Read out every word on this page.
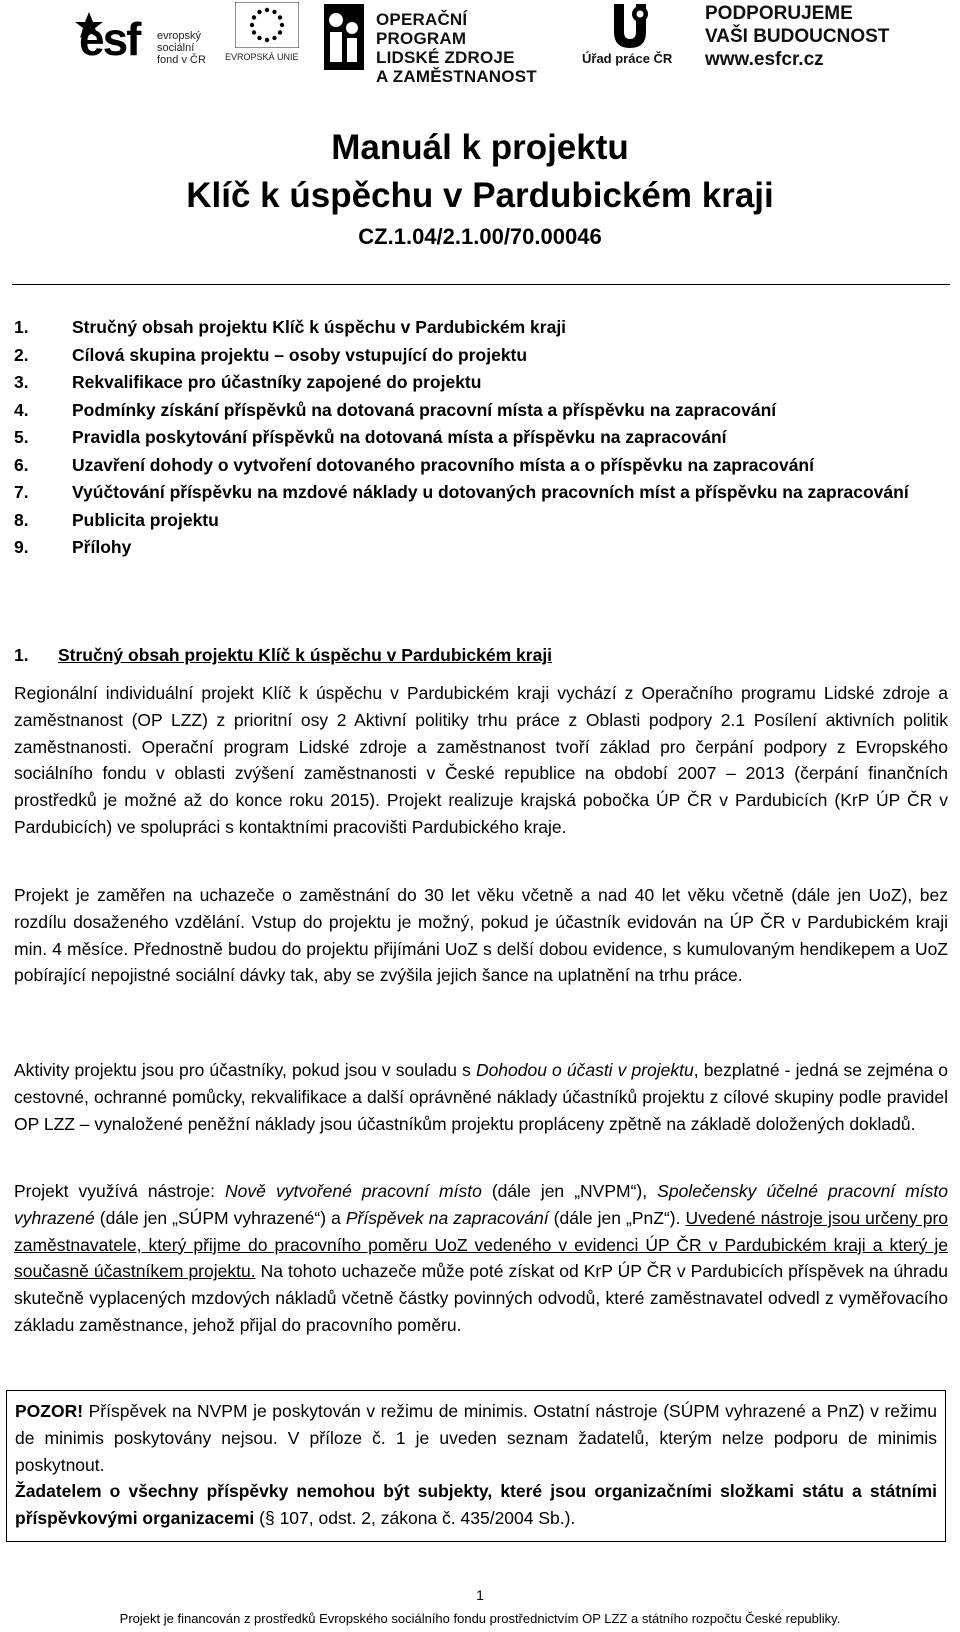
esf evropský
sociální
fond v ČR EVROPSKÁ UNIE
OPERAČNÍ PROGRAM
LIDSKÉ ZDROJE
A ZAMĚSTNANOST
Úřad práce ČR
PODPORUJEME
VAŠI BUDOUCNOST
www.esfcr.cz
Manuál k projektu
Klíč k úspěchu v Pardubickém kraji
CZ.1.04/2.1.00/70.00046
1. Stručný obsah projektu Klíč k úspěchu v Pardubickém kraji
2. Cílová skupina projektu – osoby vstupující do projektu
3. Rekvalifikace pro účastníky zapojené do projektu
4. Podmínky získání příspěvků na dotovaná pracovní místa a příspěvku na zapracování
5. Pravidla poskytování příspěvků na dotovaná místa a příspěvku na zapracování
6. Uzavření dohody o vytvoření dotovaného pracovního místa a o příspěvku na zapracování
7. Vyúčtování příspěvku na mzdové náklady u dotovaných pracovních míst a příspěvku na zapracování
8. Publicita projektu
9. Přílohy
1. Stručný obsah projektu Klíč k úspěchu v Pardubickém kraji

Regionální individuální projekt Klíč k úspěchu v Pardubickém kraji vychází z Operačního programu Lidské zdroje a zaměstnanost (OP LZZ) z prioritní osy 2 Aktivní politiky trhu práce z Oblasti podpory 2.1 Posílení aktivních politik zaměstnanosti. Operační program Lidské zdroje a zaměstnanost tvoří základ pro čerpání podpory z Evropského sociálního fondu v oblasti zvýšení zaměstnanosti v České republice na období 2007 – 2013 (čerpání finančních prostředků je možné až do konce roku 2015). Projekt realizuje krajská pobočka ÚP ČR v Pardubicích (KrP ÚP ČR v Pardubicích) ve spolupráci s kontaktními pracovišti Pardubického kraje.

Projekt je zaměřen na uchazeče o zaměstnání do 30 let věku včetně a nad 40 let věku včetně (dále jen UoZ), bez rozdílu dosaženého vzdělání. Vstup do projektu je možný, pokud je účastník evidován na ÚP ČR v Pardubickém kraji min. 4 měsíce. Přednostně budou do projektu přijímáni UoZ s delší dobou evidence, s kumulovaným hendikepem a UoZ pobírající nepojistné sociální dávky tak, aby se zvýšila jejich šance na uplatnění na trhu práce.

Aktivity projektu jsou pro účastníky, pokud jsou v souladu s Dohodou o účasti v projektu, bezplatné - jedná se zejména o cestovné, ochranné pomůcky, rekvalifikace a další oprávněné náklady účastníků projektu z cílové skupiny podle pravidel OP LZZ – vynaložené peněžní náklady jsou účastníkům projektu propláceny zpětně na základě doložených dokladů.

Projekt využívá nástroje: Nově vytvořené pracovní místo (dále jen „NVPM“), Společensky účelné pracovní místo vyhrazené (dále jen „SÚPM vyhrazené“) a Příspěvek na zapracování (dále jen „PnZ“). Uvedené nástroje jsou určeny pro zaměstnavatele, který přijme do pracovního poměru UoZ vedeného v evidenci ÚP ČR v Pardubickém kraji a který je současně účastníkem projektu. Na tohoto uchazeče může poté získat od KrP ÚP ČR v Pardubicích příspěvek na úhradu skutečně vyplacených mzdových nákladů včetně částky povinných odvodů, které zaměstnavatel odvedl z vyměřovacího základu zaměstnance, jehož přijal do pracovního poměru.

POZOR! Příspěvek na NVPM je poskytován v režimu de minimis. Ostatní nástroje (SÚPM vyhrazené a PnZ) v režimu de minimis poskytovány nejsou. V příloze č. 1 je uveden seznam žadatelů, kterým nelze podporu de minimis poskytnout.
Žadatelem o všechny příspěvky nemohou být subjekty, které jsou organizačními složkami státu a státními příspěvkovými organizacemi (§ 107, odst. 2, zákona č. 435/2004 Sb.).
1
Projekt je financován z prostředků Evropského sociálního fondu prostřednictvím OP LZZ a státního rozpočtu České republiky.
